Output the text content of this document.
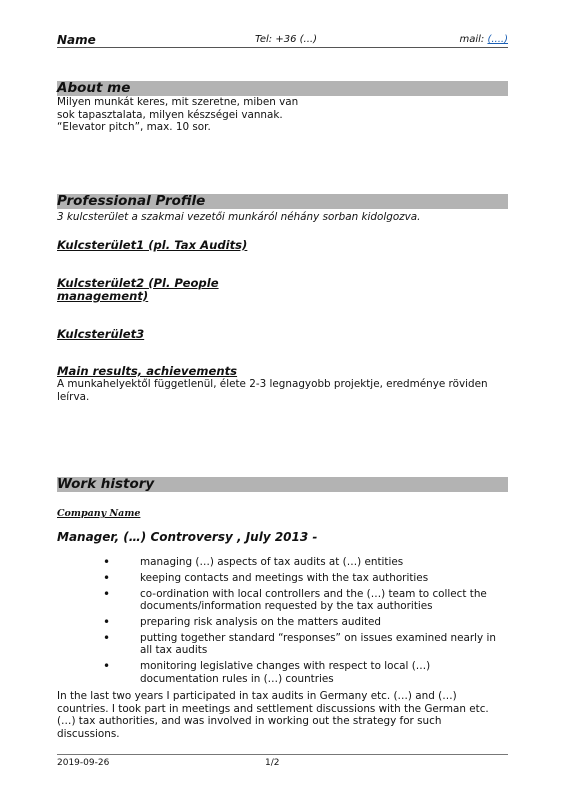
Name	Tel: +36 (...)	mail: (....)
About me
Milyen munkát keres, mit szeretne, miben van
sok tapasztalata, milyen készségei vannak.
“Elevator pitch”, max. 10 sor.
Professional Profile
3 kulcsterület a szakmai vezetői munkáról néhány sorban kidolgozva.
Kulcsterület1 (pl. Tax Audits)
Kulcsterület2 (Pl. People
management)
Kulcsterület3
Main results, achievements
A munkahelyektől függetlenül, élete 2-3 legnagyobb projektje, eredménye röviden
leírva.
Work history
Company Name
Manager, (…) Controversy , July 2013 -
•	managing (…) aspects of tax audits at (…) entities
•	keeping contacts and meetings with the tax authorities
•	co-ordination with local controllers and the (…) team to collect the
documents/information requested by the tax authorities
•	preparing risk analysis on the matters audited
•	putting together standard “responses” on issues examined nearly in
all tax audits
•	monitoring legislative changes with respect to local (…)
documentation rules in (…) countries
In the last two years I participated in tax audits in Germany etc. (…) and (…)
countries. I took part in meetings and settlement discussions with the German etc.
(…) tax authorities, and was involved in working out the strategy for such
discussions.
2019-09-26	1/2
